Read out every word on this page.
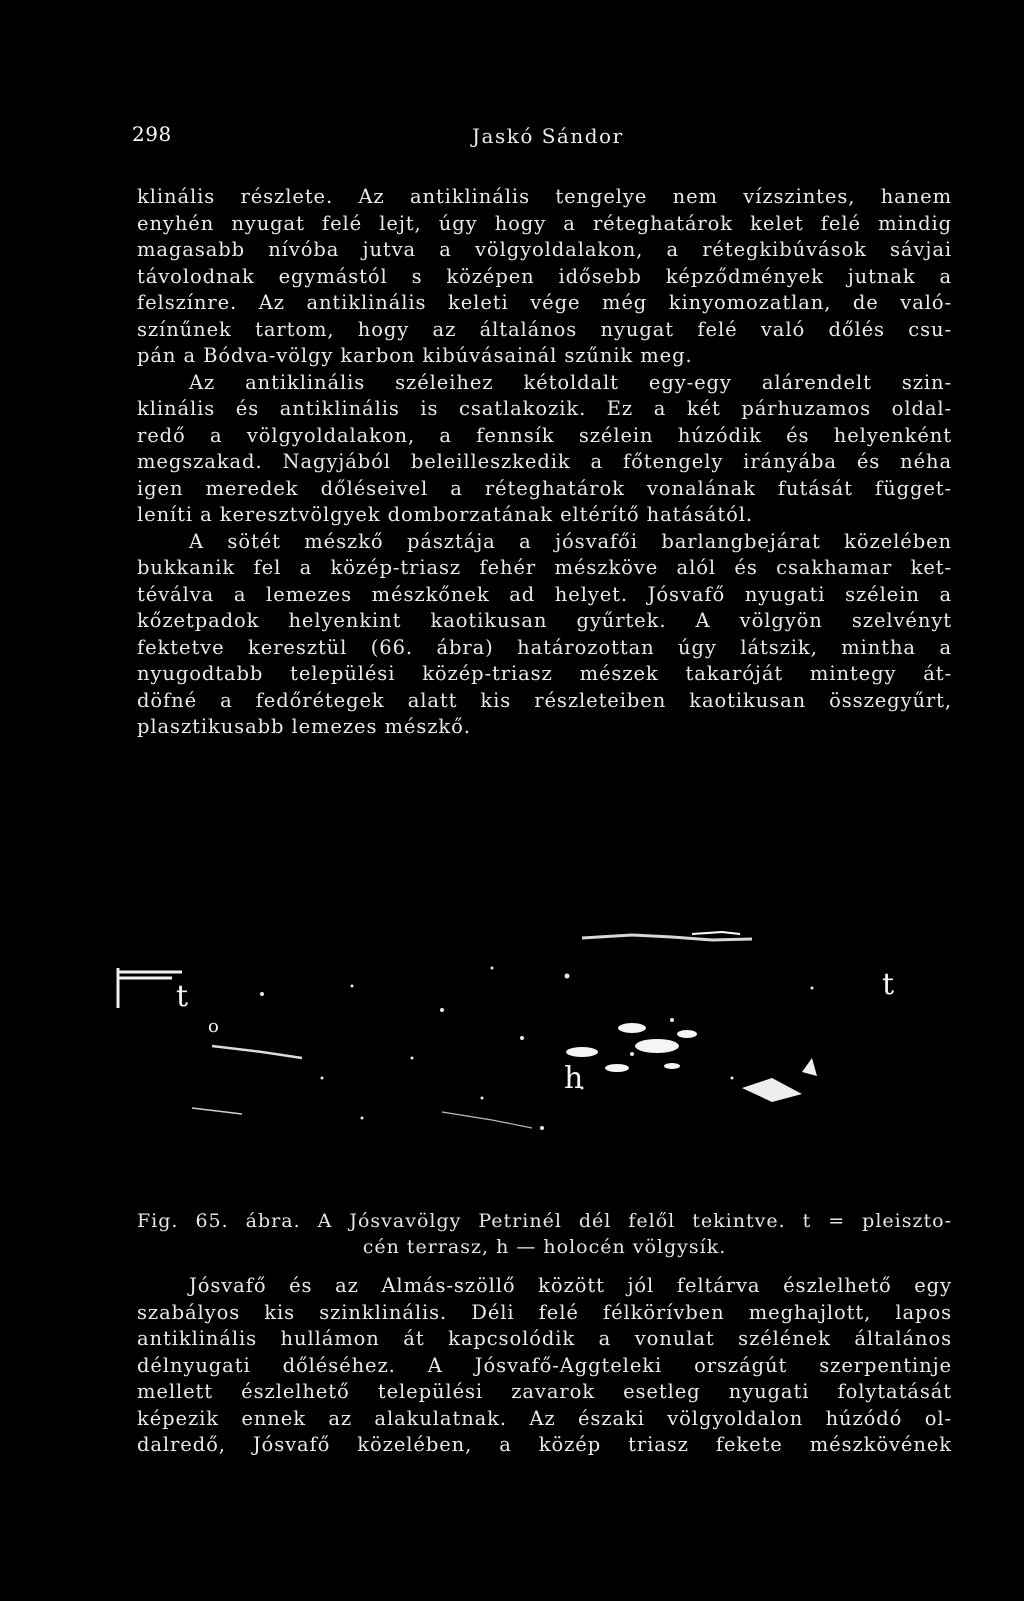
298	Jaskó Sándor
klinális részlete. Az antiklinális tengelye nem vízszintes, hanem
enyhén nyugat felé lejt, úgy hogy a réteghatárok kelet felé mindig
magasabb nívóba jutva a völgyoldalakon, a rétegkibúvások sávjai
távolodnak egymástól s középen idősebb képződmények jutnak a
felszínre. Az antiklinális keleti vége még kinyomozatlan, de való-
színűnek tartom, hogy az általános nyugat felé való dőlés csu-
pán a Bódva-völgy karbon kibúvásainál szűnik meg.
Az antiklinális széleihez kétoldalt egy-egy alárendelt szin-
klinális és antiklinális is csatlakozik. Ez a két párhuzamos oldal-
redő a völgyoldalakon, a fennsík szélein húzódik és helyenként
megszakad. Nagyjából beleilleszkedik a főtengely irányába és néha
igen meredek dőléseivel a réteghatárok vonalának futását függet-
leníti a keresztvölgyek domborzatának eltérítő hatásától.
A sötét mészkő pásztája a jósvafői barlangbejárat közelében
bukkanik fel a közép-triasz fehér mészköve alól és csakhamar ket-
téválva a lemezes mészkőnek ad helyet. Jósvafő nyugati szélein a
kőzetpadok helyenkint kaotikusan gyűrtek. A völgyön szelvényt
fektetve keresztül (66. ábra) határozottan úgy látszik, mintha a
nyugodtabb települési közép-triasz mészek takaróját mintegy át-
döfné a fedőrétegek alatt kis részleteiben kaotikusan összegyűrt,
plasztikusabb lemezes mészkő.
t	t
h
o
Fig. 65. ábra. A Jósvavölgy Petrinél dél felől tekintve. t = pleiszto-
cén terrasz, h — holocén völgysík.
Jósvafő és az Almás-szöllő között jól feltárva észlelhető egy
szabályos kis szinklinális. Déli felé félkörívben meghajlott, lapos
antiklinális hullámon át kapcsolódik a vonulat szélének általános
délnyugati dőléséhez. A Jósvafő-Aggteleki országút szerpentinje
mellett észlelhető települési zavarok esetleg nyugati folytatását
képezik ennek az alakulatnak. Az északi völgyoldalon húzódó ol-
dalredő, Jósvafő közelében, a közép triasz fekete mészkövének
